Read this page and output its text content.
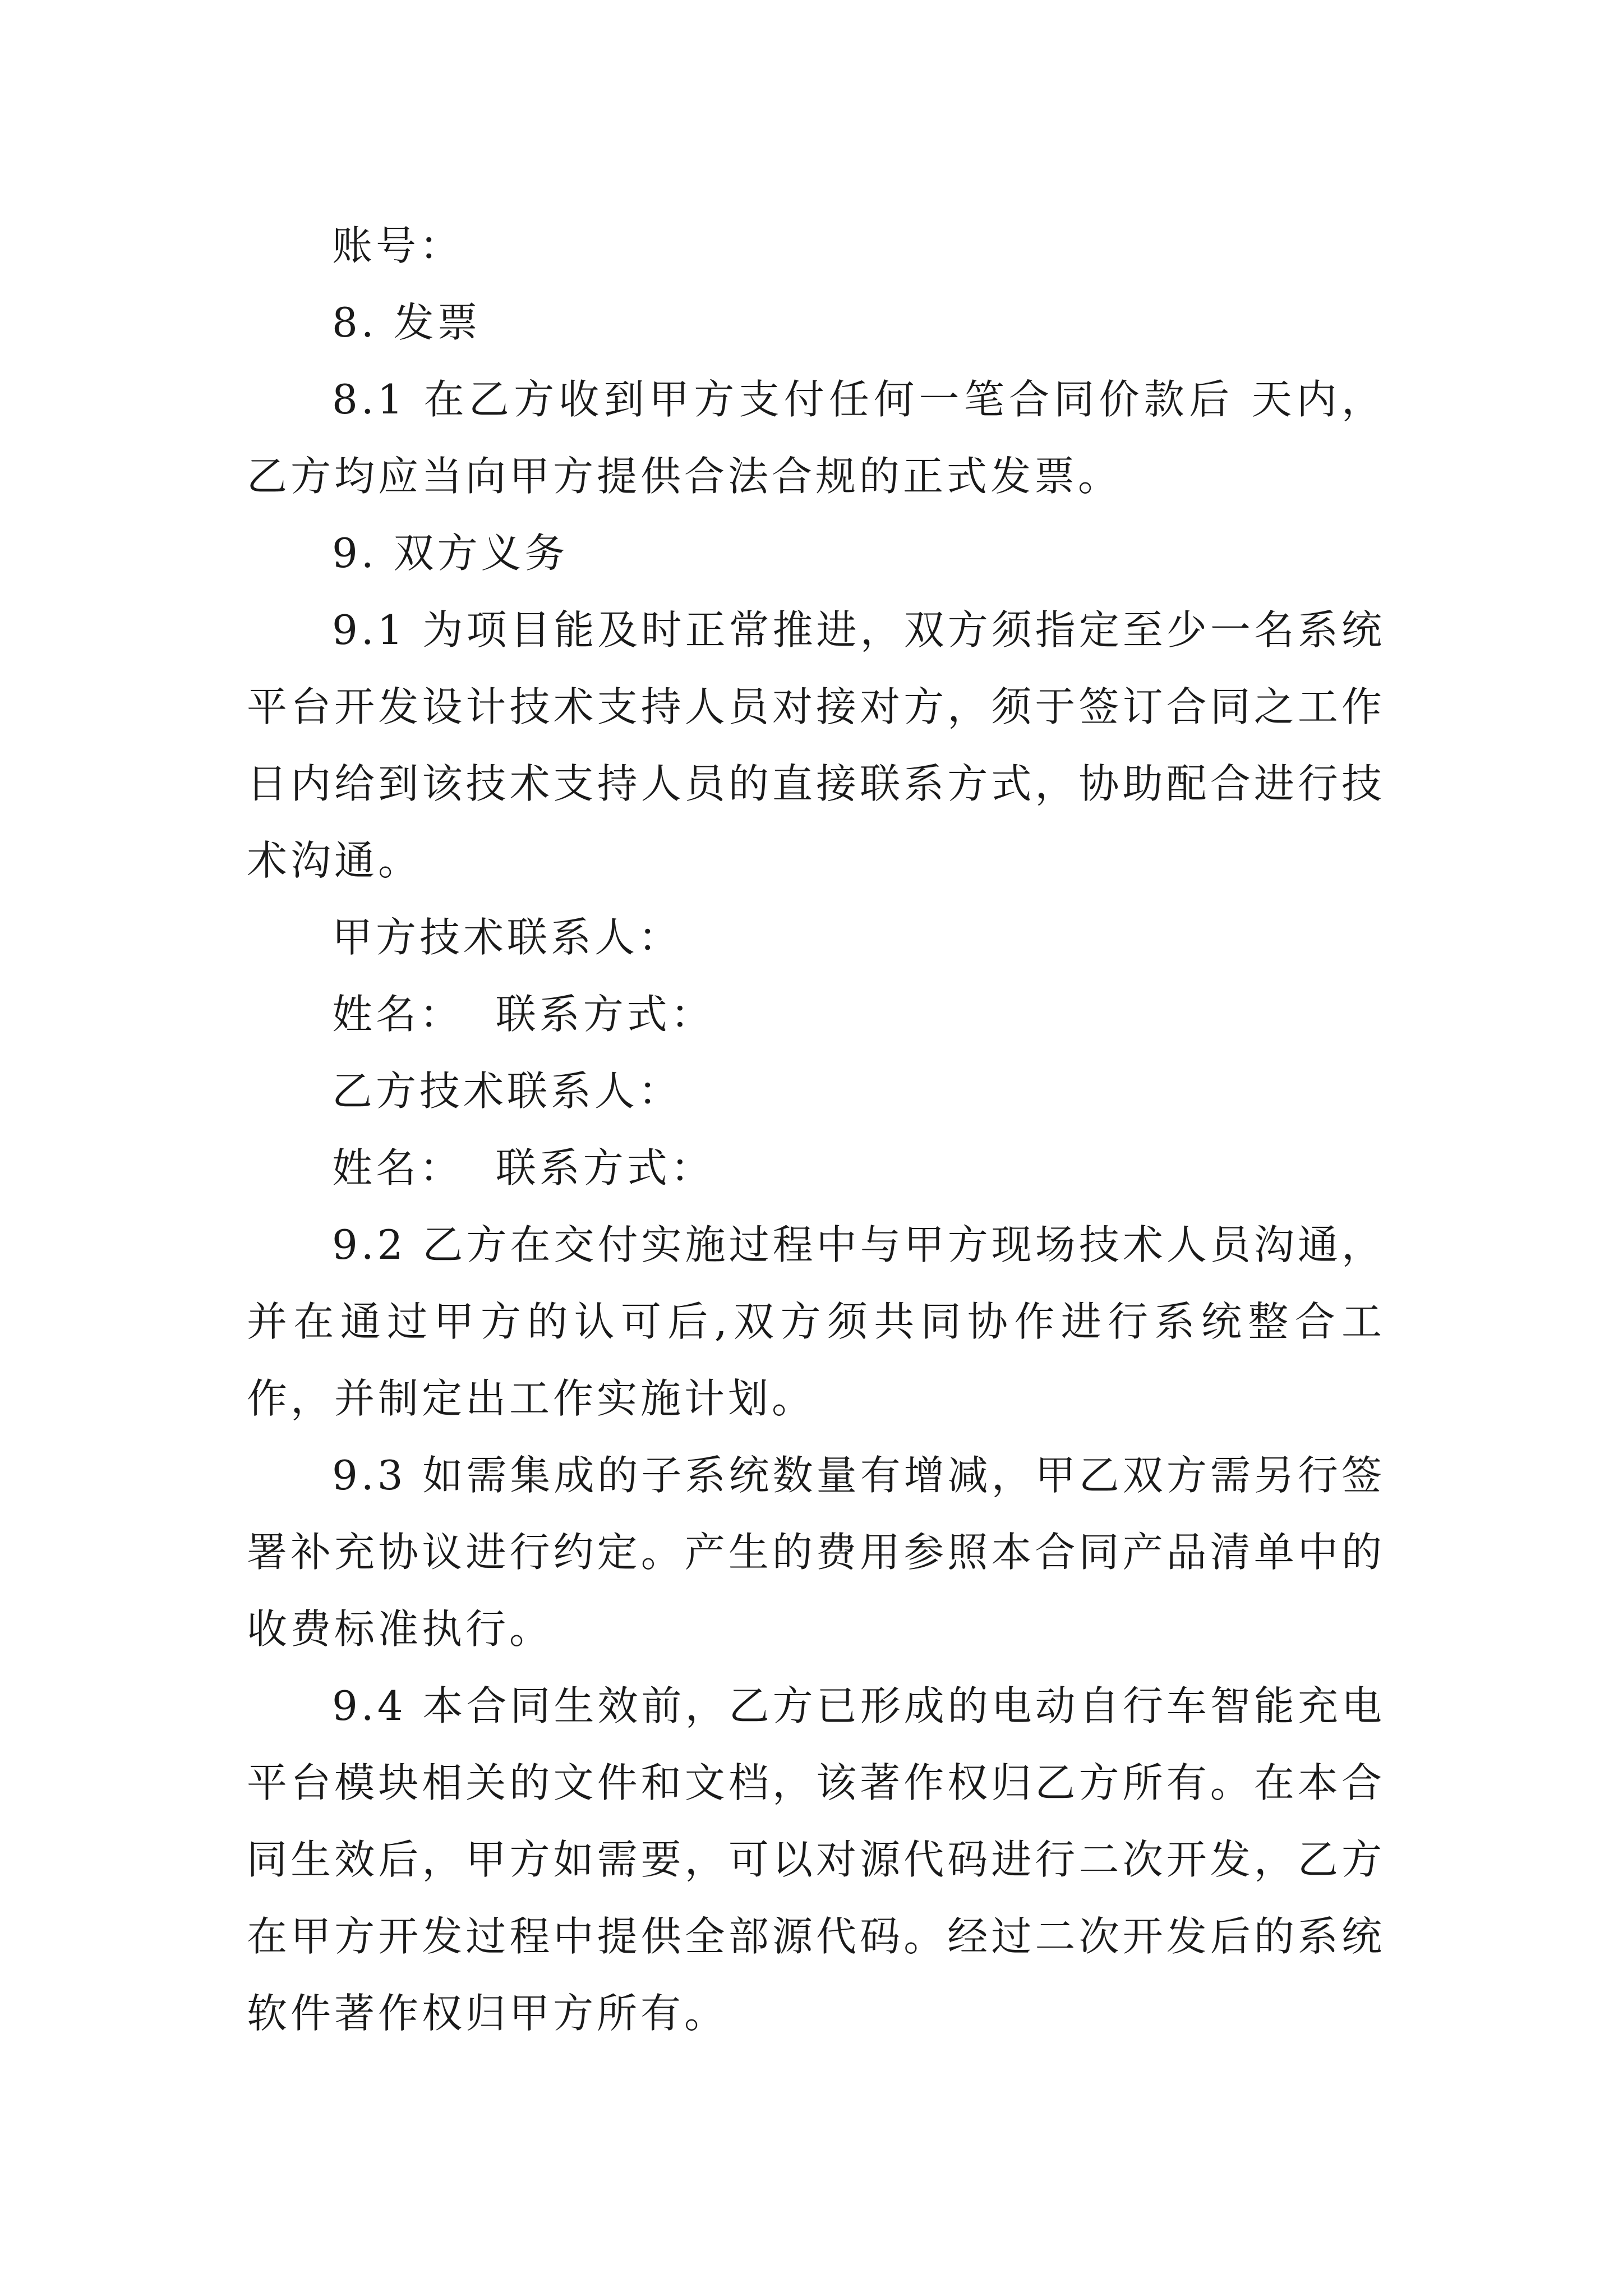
账号：

8. 发票

8.1 在乙方收到甲方支付任何一笔合同价款后 天内，乙方均应当向甲方提供合法合规的正式发票。

9. 双方义务

9.1 为项目能及时正常推进，双方须指定至少一名系统平台开发设计技术支持人员对接对方，须于签订合同之工作日内给到该技术支持人员的直接联系方式，协助配合进行技术沟通。

甲方技术联系人：

姓名：  联系方式：

乙方技术联系人：

姓名：  联系方式：

9.2 乙方在交付实施过程中与甲方现场技术人员沟通，并在通过甲方的认可后,双方须共同协作进行系统整合工作，并制定出工作实施计划。

9.3 如需集成的子系统数量有增减，甲乙双方需另行签署补充协议进行约定。产生的费用参照本合同产品清单中的收费标准执行。

9.4 本合同生效前，乙方已形成的电动自行车智能充电平台模块相关的文件和文档，该著作权归乙方所有。在本合同生效后，甲方如需要，可以对源代码进行二次开发，乙方在甲方开发过程中提供全部源代码。经过二次开发后的系统软件著作权归甲方所有。
